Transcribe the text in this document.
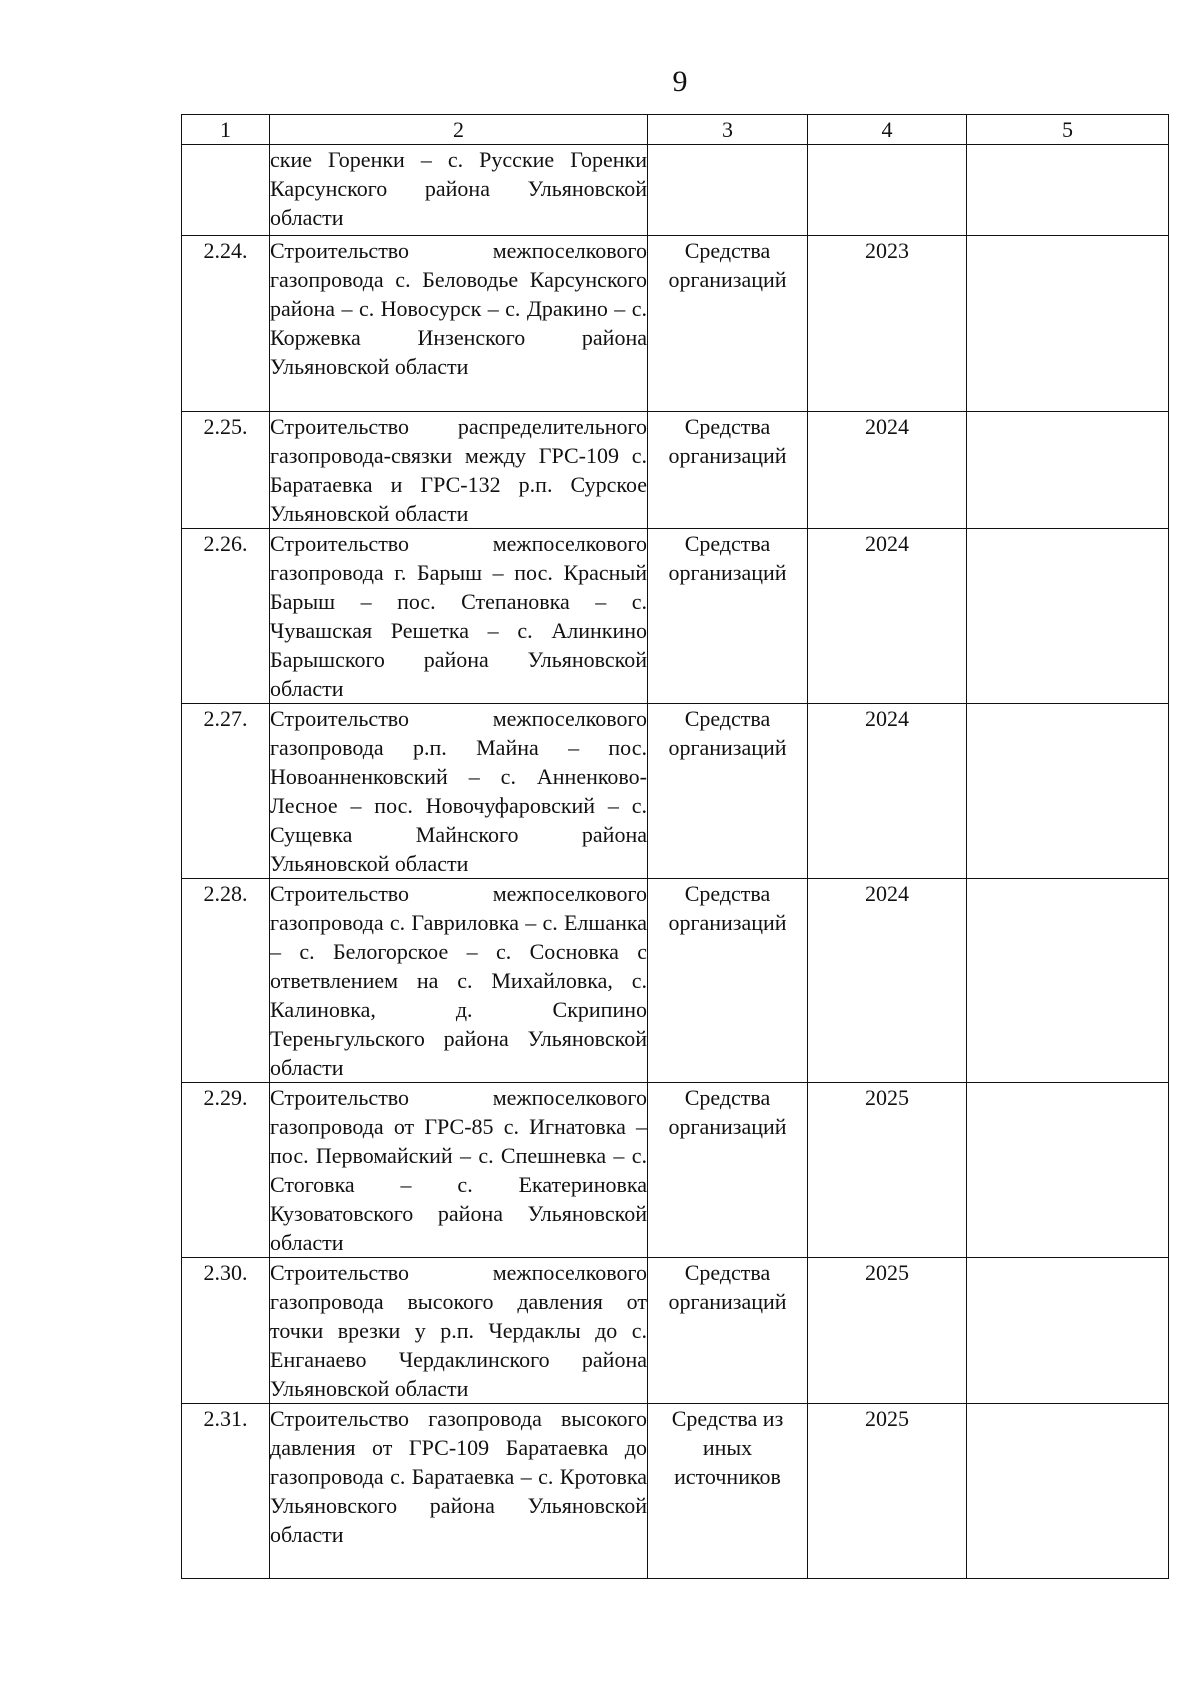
9
1	2	3	4	5
	ские Горенки – с. Русские Горенки Карсунского района Ульяновской области			
2.24.	Строительство межпоселкового газопровода с. Беловодье Карсунского района – с. Новосурск – с. Дракино – с. Коржевка Инзенского района Ульяновской области	Средства организаций	2023	
2.25.	Строительство распределительного газопровода-связки между ГРС-109 с. Баратаевка и ГРС-132 р.п. Сурское Ульяновской области	Средства организаций	2024	
2.26.	Строительство межпоселкового газопровода г. Барыш – пос. Красный Барыш – пос. Степановка – с. Чувашская Решетка – с. Алинкино Барышского района Ульяновской области	Средства организаций	2024	
2.27.	Строительство межпоселкового газопровода р.п. Майна – пос. Новоанненковский – с. Анненково-Лесное – пос. Новочуфаровский – с. Сущевка Майнского района Ульяновской области	Средства организаций	2024	
2.28.	Строительство межпоселкового газопровода с. Гавриловка – с. Елшанка – с. Белогорское – с. Сосновка с ответвлением на с. Михайловка, с. Калиновка, д. Скрипино Тереньгульского района Ульяновской области	Средства организаций	2024	
2.29.	Строительство межпоселкового газопровода от ГРС-85 с. Игнатовка – пос. Первомайский – с. Спешневка – с. Стоговка – с. Екатериновка Кузоватовского района Ульяновской области	Средства организаций	2025	
2.30.	Строительство межпоселкового газопровода высокого давления от точки врезки у р.п. Чердаклы до с. Енганаево Чердаклинского района Ульяновской области	Средства организаций	2025	
2.31.	Строительство газопровода высокого давления от ГРС-109 Баратаевка до газопровода с. Баратаевка – с. Кротовка Ульяновского района Ульяновской области	Средства из иных источников	2025	
